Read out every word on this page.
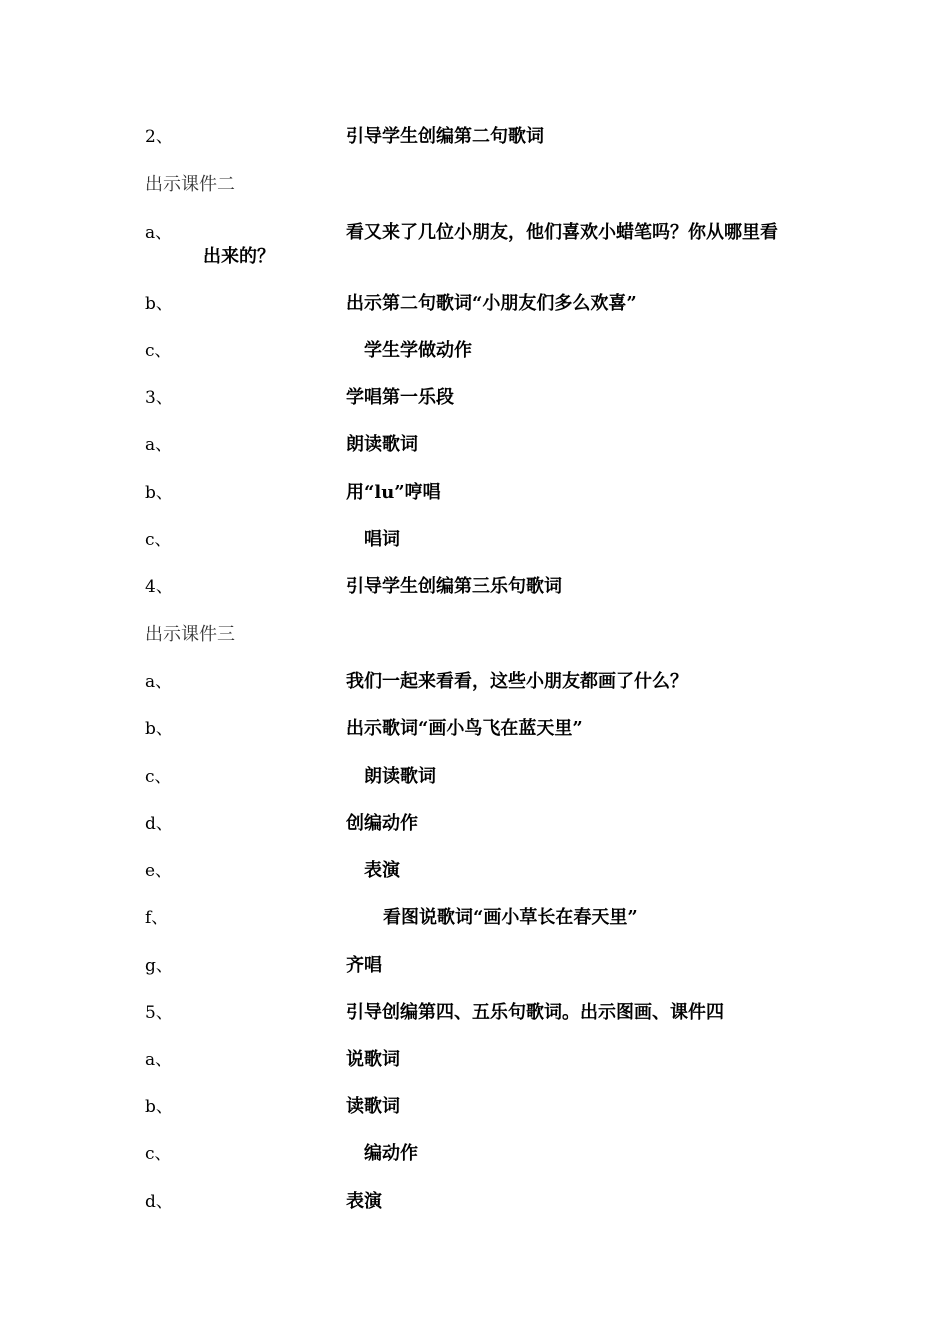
2、	引导学生创编第二句歌词
出示课件二
a、	看又来了几位小朋友，他们喜欢小蜡笔吗？你从哪里看
出来的？
b、	出示第二句歌词“小朋友们多么欢喜”
c、	学生学做动作
3、	学唱第一乐段
a、	朗读歌词
b、	用“lu”哼唱
c、	唱词
4、	引导学生创编第三乐句歌词
出示课件三
a、	我们一起来看看，这些小朋友都画了什么？
b、	出示歌词“画小鸟飞在蓝天里”
c、	朗读歌词
d、	创编动作
e、	表演
f、	看图说歌词“画小草长在春天里”
g、	齐唱
5、	引导创编第四、五乐句歌词。出示图画、课件四
a、	说歌词
b、	读歌词
c、	编动作
d、	表演
